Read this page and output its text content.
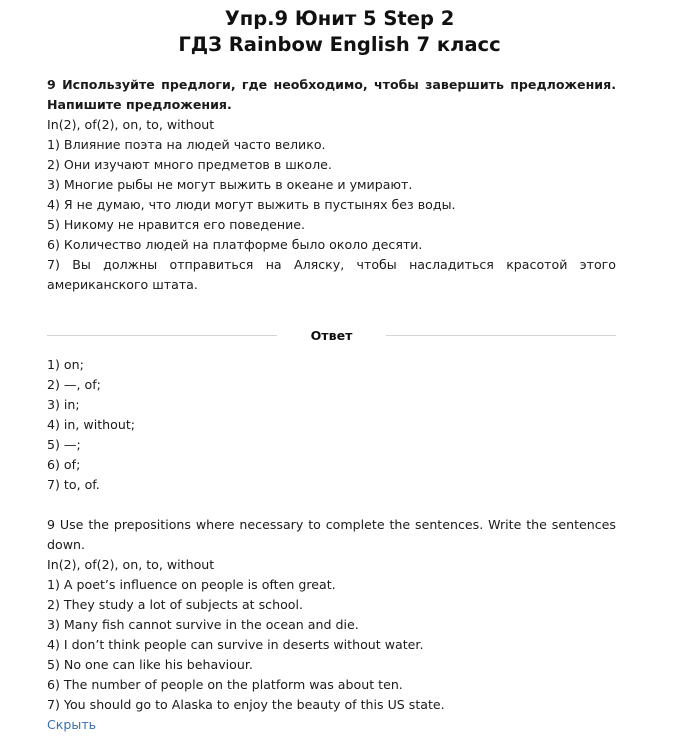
Упр.9 Юнит 5 Step 2
ГДЗ Rainbow English 7 класс
9 Используйте предлоги, где необходимо, чтобы завершить предложения.
Напишите предложения.
In(2), of(2), on, to, without
1) Влияние поэта на людей часто велико.
2) Они изучают много предметов в школе.
3) Многие рыбы не могут выжить в океане и умирают.
4) Я не думаю, что люди могут выжить в пустынях без воды.
5) Никому не нравится его поведение.
6) Количество людей на платформе было около десяти.
7) Вы должны отправиться на Аляску, чтобы насладиться красотой этого
американского штата.
Ответ
1) on;
2) —, of;
3) in;
4) in, without;
5) —;
6) of;
7) to, of.
9 Use the prepositions where necessary to complete the sentences. Write the sentences
down.
In(2), of(2), on, to, without
1) A poet’s influence on people is often great.
2) They study a lot of subjects at school.
3) Many fish cannot survive in the ocean and die.
4) I don’t think people can survive in deserts without water.
5) No one can like his behaviour.
6) The number of people on the platform was about ten.
7) You should go to Alaska to enjoy the beauty of this US state.
Скрыть
